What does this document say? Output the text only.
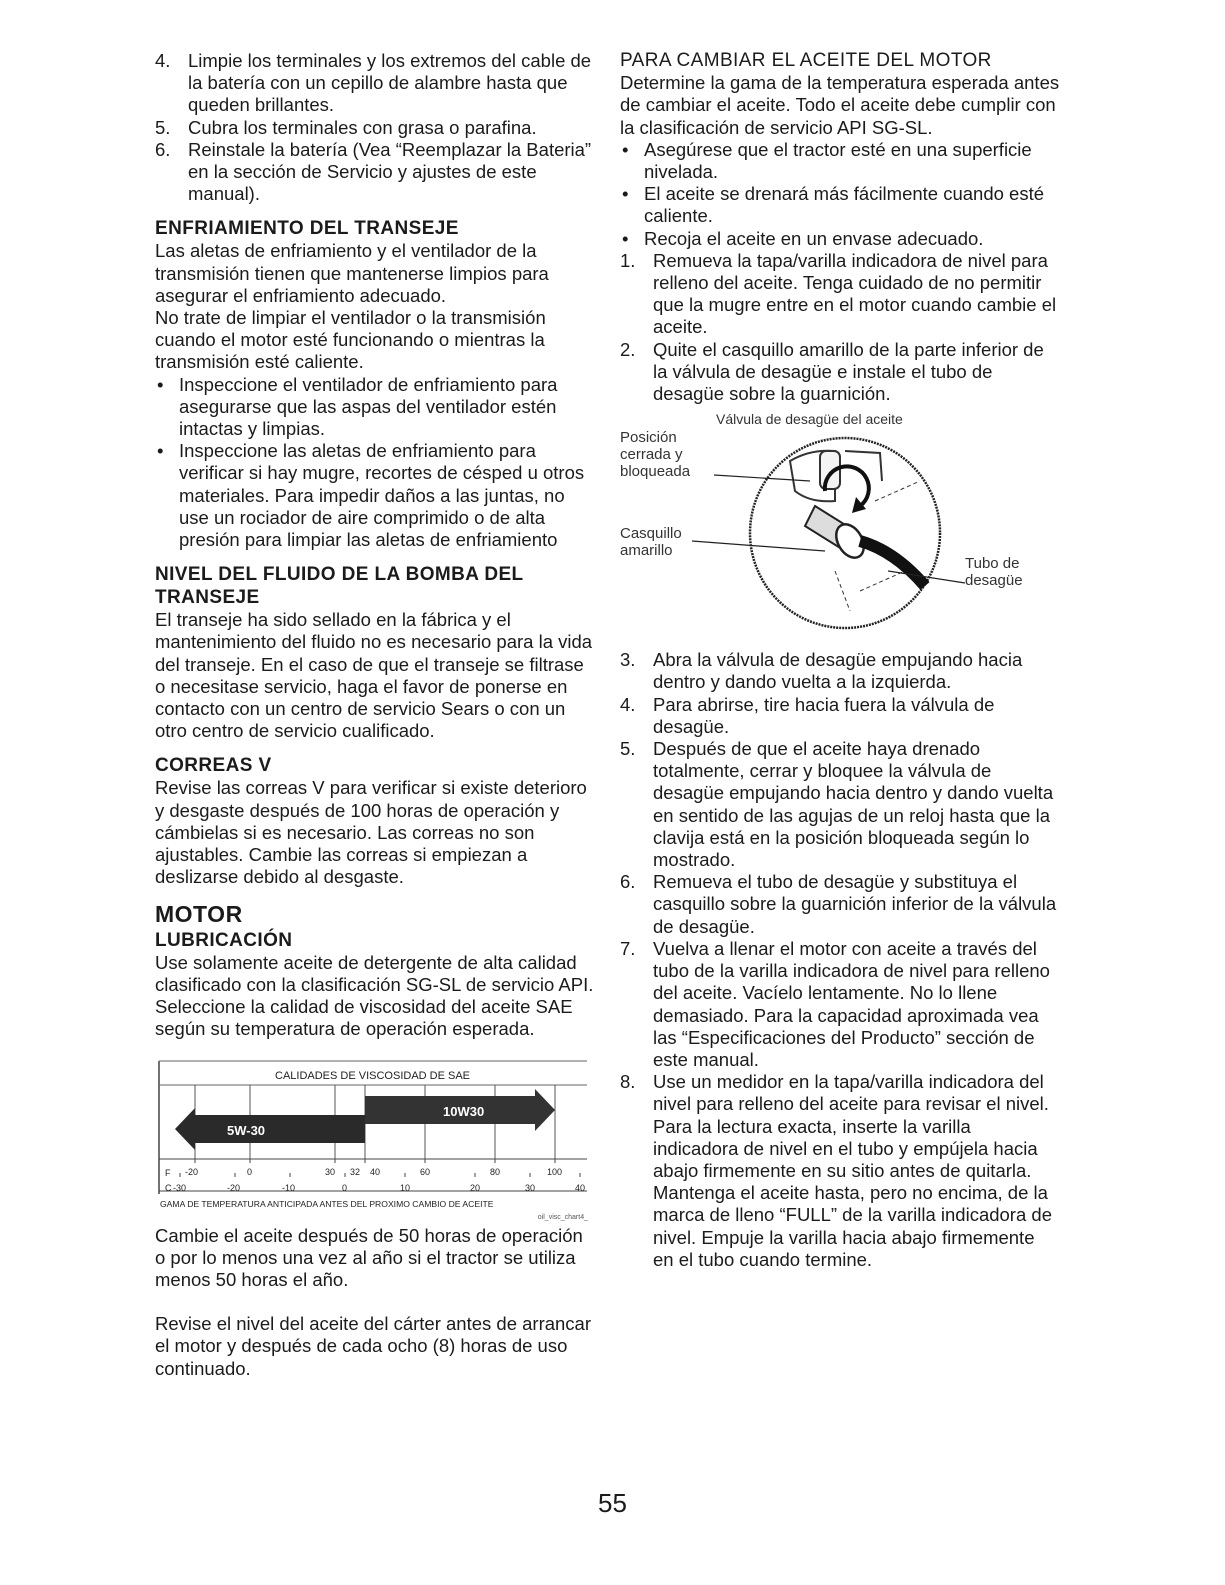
4. Limpie los terminales y los extremos del cable de la batería con un cepillo de alambre hasta que queden brillantes.
5. Cubra los terminales con grasa o parafina.
6. Reinstale la batería (Vea “Reemplazar la Bateria” en la sección de Servicio y ajustes de este manual).
ENFRIAMIENTO DEL TRANSEJE

Las aletas de enfriamiento y el ventilador de la transmisión tienen que mantenerse limpios para asegurar el enfriamiento adecuado.

No trate de limpiar el ventilador o la transmisión cuando el motor esté funcionando o mientras la transmisión esté caliente.

• Inspeccione el ventilador de enfriamiento para asegurarse que las aspas del ventilador estén intactas y limpias.
• Inspeccione las aletas de enfriamiento para verificar si hay mugre, recortes de césped u otros materiales. Para impedir daños a las juntas, no use un rociador de aire comprimido o de alta presión para limpiar las aletas de enfriamiento
NIVEL DEL FLUIDO DE LA BOMBA DEL TRANSEJE

El transeje ha sido sellado en la fábrica y el mantenimiento del fluido no es necesario para la vida del transeje. En el caso de que el transeje se filtrase o necesitase servicio, haga el favor de ponerse en contacto con un centro de servicio Sears o con un otro centro de servicio cualificado.

CORREAS V

Revise las correas V para verificar si existe deterioro y desgaste después de 100 horas de operación y cámbielas si es necesario. Las correas no son ajustables. Cambie las correas si empiezan a deslizarse debido al desgaste.

MOTOR
LUBRICACIÓN

Use solamente aceite de detergente de alta calidad clasificado con la clasificación SG-SL de servicio API. Seleccione la calidad de viscosidad del aceite SAE según su temperatura de operación esperada.

CALIDADES DE VISCOSIDAD DE SAE
10W30
5W-30
F -20	0	30 32 40	60	80	100
C -30	-20	-10	0	10	20	30	40
GAMA DE TEMPERATURA ANTICIPADA ANTES DEL PROXIMO CAMBIO DE ACEITE
oil_visc_chart4_

Cambie el aceite después de 50 horas de operación o por lo menos una vez al año si el tractor se utiliza menos 50 horas el año.

Revise el nivel del aceite del cárter antes de arrancar el motor y después de cada ocho (8) horas de uso continuado.

PARA CAMBIAR EL ACEITE DEL MOTOR

Determine la gama de la temperatura esperada antes de cambiar el aceite. Todo el aceite debe cumplir con la clasificación de servicio API SG-SL.

• Asegúrese que el tractor esté en una superficie nivelada.
• El aceite se drenará más fácilmente cuando esté caliente.
• Recoja el aceite en un envase adecuado.
1. Remueva la tapa/varilla indicadora de nivel para relleno del aceite. Tenga cuidado de no permitir que la mugre entre en el motor cuando cambie el aceite.
2. Quite el casquillo amarillo de la parte inferior de la válvula de desagüe e instale el tubo de desagüe sobre la guarnición.
Válvula de desagüe del aceite
Posición cerrada y bloqueada
Casquillo amarillo
Tubo de desagüe
3. Abra la válvula de desagüe empujando hacia dentro y dando vuelta a la izquierda.
4. Para abrirse, tire hacia fuera la válvula de desagüe.
5. Después de que el aceite haya drenado totalmente, cerrar y bloquee la válvula de desagüe empujando hacia dentro y dando vuelta en sentido de las agujas de un reloj hasta que la clavija está en la posición bloqueada según lo mostrado.
6. Remueva el tubo de desagüe y substituya el casquillo sobre la guarnición inferior de la válvula de desagüe.
7. Vuelva a llenar el motor con aceite a través del tubo de la varilla indicadora de nivel para relleno del aceite. Vacíelo lentamente. No lo llene demasiado. Para la capacidad aproximada vea las “Especificaciones del Producto” sección de este manual.
8. Use un medidor en la tapa/varilla indicadora del nivel para relleno del aceite para revisar el nivel. Para la lectura exacta, inserte la varilla indicadora de nivel en el tubo y empújela hacia abajo firmemente en su sitio antes de quitarla. Mantenga el aceite hasta, pero no encima, de la marca de lleno “FULL” de la varilla indicadora de nivel. Empuje la varilla hacia abajo firmemente en el tubo cuando termine.
55
